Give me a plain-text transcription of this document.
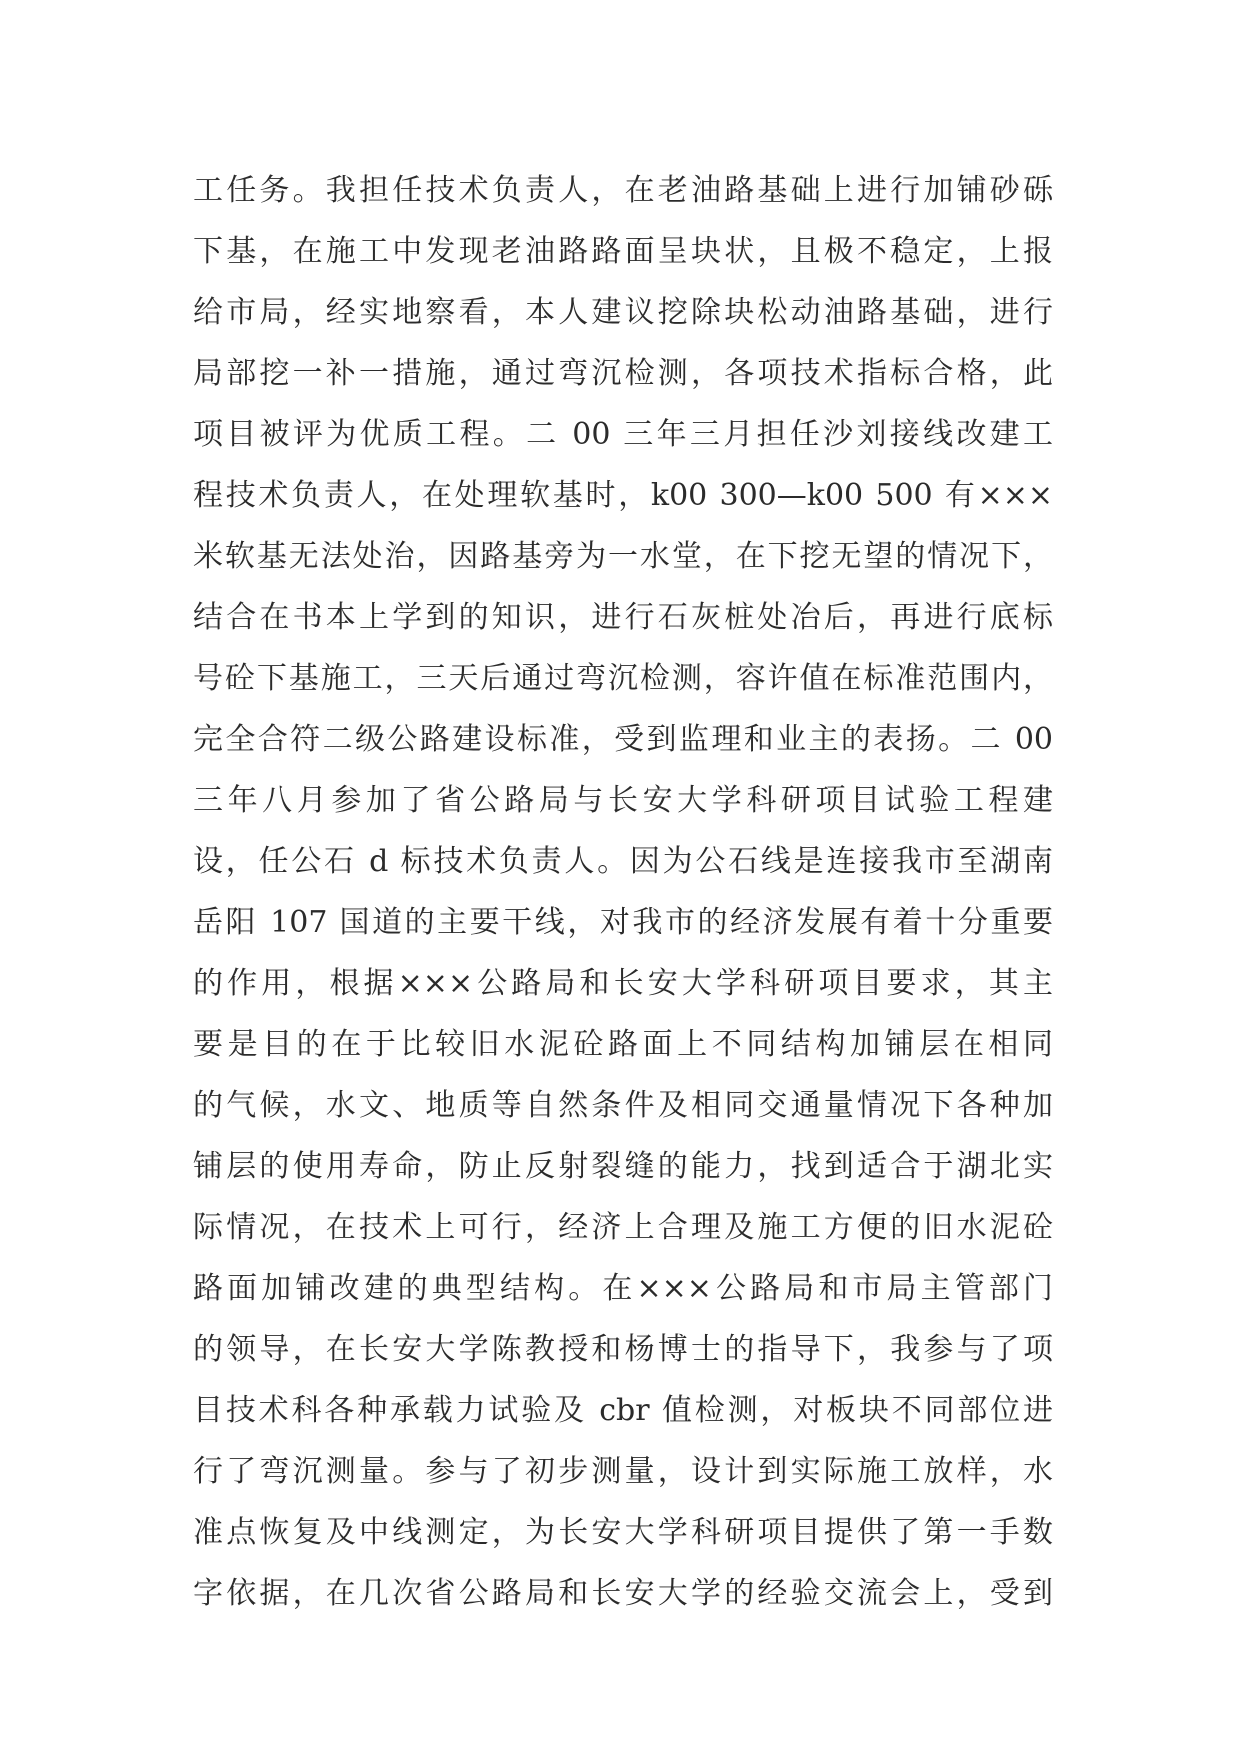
工任务。我担任技术负责人，在老油路基础上进行加铺砂砾
下基，在施工中发现老油路路面呈块状，且极不稳定，上报
给市局，经实地察看，本人建议挖除块松动油路基础，进行
局部挖一补一措施，通过弯沉检测，各项技术指标合格，此
项目被评为优质工程。二 00 三年三月担任沙刘接线改建工
程技术负责人，在处理软基时，k00 300—k00 500 有×××
米软基无法处治，因路基旁为一水堂，在下挖无望的情况下，
结合在书本上学到的知识，进行石灰桩处冶后，再进行底标
号砼下基施工，三天后通过弯沉检测，容许值在标准范围内，
完全合符二级公路建设标准，受到监理和业主的表扬。二 00
三年八月参加了省公路局与长安大学科研项目试验工程建
设，任公石 d 标技术负责人。因为公石线是连接我市至湖南
岳阳 107 国道的主要干线，对我市的经济发展有着十分重要
的作用，根据×××公路局和长安大学科研项目要求，其主
要是目的在于比较旧水泥砼路面上不同结构加铺层在相同
的气候，水文、地质等自然条件及相同交通量情况下各种加
铺层的使用寿命，防止反射裂缝的能力，找到适合于湖北实
际情况，在技术上可行，经济上合理及施工方便的旧水泥砼
路面加铺改建的典型结构。在×××公路局和市局主管部门
的领导，在长安大学陈教授和杨博士的指导下，我参与了项
目技术科各种承载力试验及 cbr 值检测，对板块不同部位进
行了弯沉测量。参与了初步测量，设计到实际施工放样，水
准点恢复及中线测定，为长安大学科研项目提供了第一手数
字依据，在几次省公路局和长安大学的经验交流会上，受到
